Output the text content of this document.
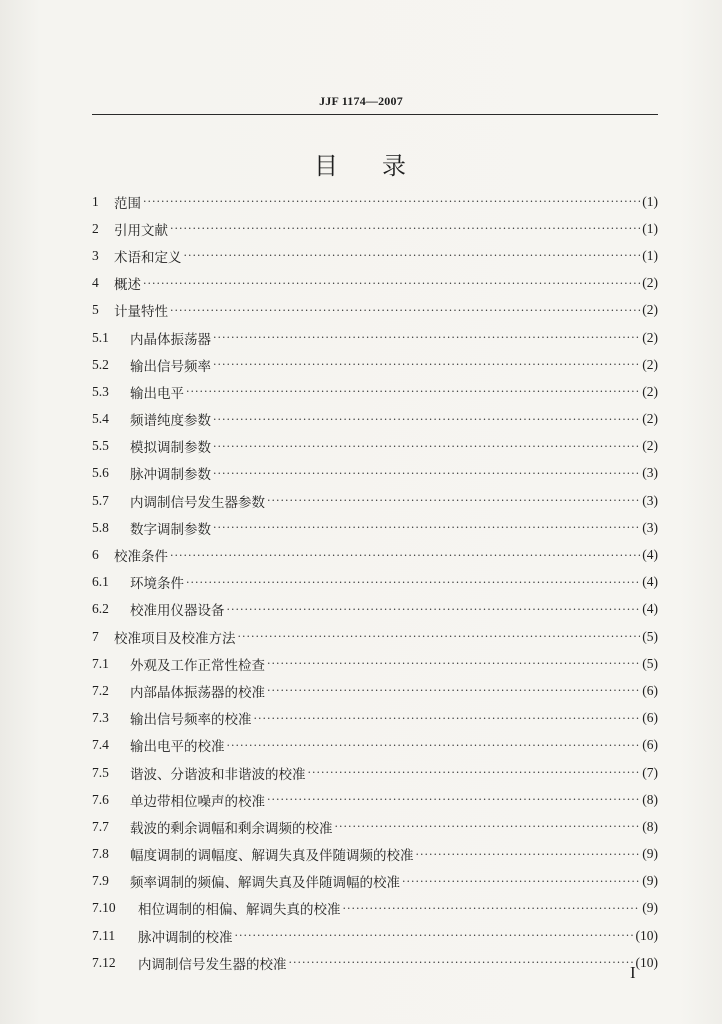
JJF 1174—2007
目 录
1	范围 ·····	(1)
2	引用文献 ·····	(1)
3	术语和定义 ·····	(1)
4	概述 ·····	(2)
5	计量特性 ·····	(2)
5.1	内晶体振荡器 ·····	(2)
5.2	输出信号频率 ·····	(2)
5.3	输出电平 ·····	(2)
5.4	频谱纯度参数 ·····	(2)
5.5	模拟调制参数 ·····	(2)
5.6	脉冲调制参数 ·····	(3)
5.7	内调制信号发生器参数 ·····	(3)
5.8	数字调制参数 ·····	(3)
6	校准条件 ·····	(4)
6.1	环境条件 ·····	(4)
6.2	校准用仪器设备 ·····	(4)
7	校准项目及校准方法 ·····	(5)
7.1	外观及工作正常性检查 ·····	(5)
7.2	内部晶体振荡器的校准 ·····	(6)
7.3	输出信号频率的校准 ·····	(6)
7.4	输出电平的校准 ·····	(6)
7.5	谐波、分谐波和非谐波的校准 ·····	(7)
7.6	单边带相位噪声的校准 ·····	(8)
7.7	载波的剩余调幅和剩余调频的校准 ·····	(8)
7.8	幅度调制的调幅度、解调失真及伴随调频的校准 ·····	(9)
7.9	频率调制的频偏、解调失真及伴随调幅的校准 ·····	(9)
7.10	相位调制的相偏、解调失真的校准 ·····	(9)
7.11	脉冲调制的校准 ·····	(10)
7.12	内调制信号发生器的校准 ·····	(10)
I
